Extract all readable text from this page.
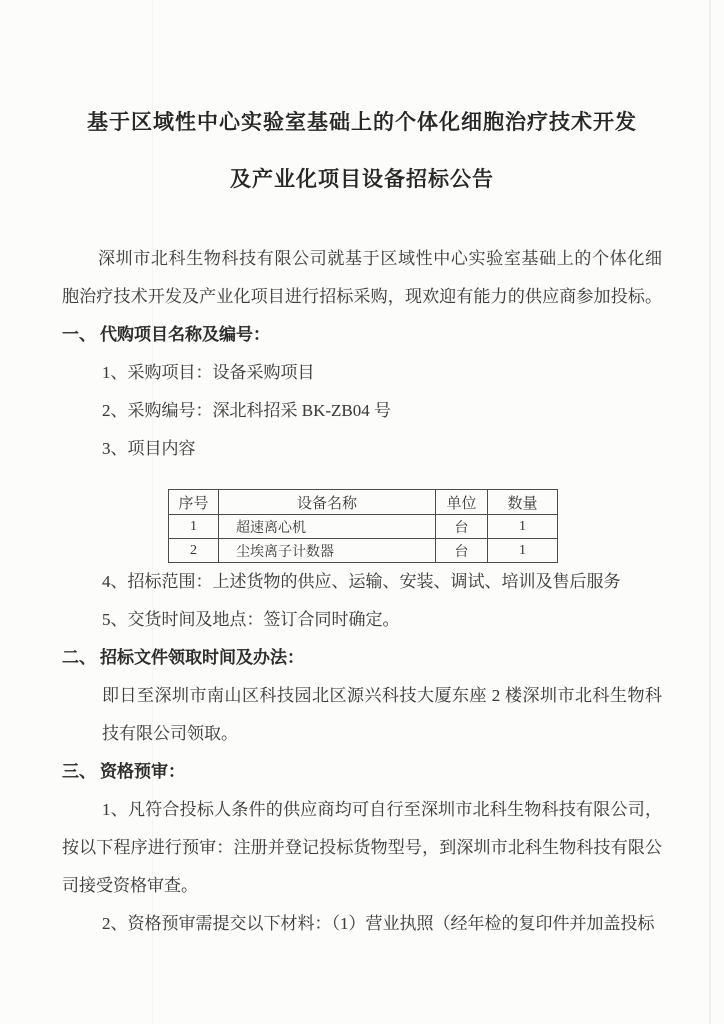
基于区域性中心实验室基础上的个体化细胞治疗技术开发
及产业化项目设备招标公告
深圳市北科生物科技有限公司就基于区域性中心实验室基础上的个体化细
胞治疗技术开发及产业化项目进行招标采购，现欢迎有能力的供应商参加投标。
一、 代购项目名称及编号：
1、采购项目：设备采购项目
2、采购编号：深北科招采 BK-ZB04 号
3、项目内容
序号	设备名称	单位	数量
1	超速离心机	台	1
2	尘埃离子计数器	台	1
4、招标范围：上述货物的供应、运输、安装、调试、培训及售后服务
5、交货时间及地点：签订合同时确定。
二、 招标文件领取时间及办法：
即日至深圳市南山区科技园北区源兴科技大厦东座 2 楼深圳市北科生物科
技有限公司领取。
三、 资格预审：
1、凡符合投标人条件的供应商均可自行至深圳市北科生物科技有限公司，
按以下程序进行预审：注册并登记投标货物型号，到深圳市北科生物科技有限公
司接受资格审查。
2、资格预审需提交以下材料：（1）营业执照（经年检的复印件并加盖投标
